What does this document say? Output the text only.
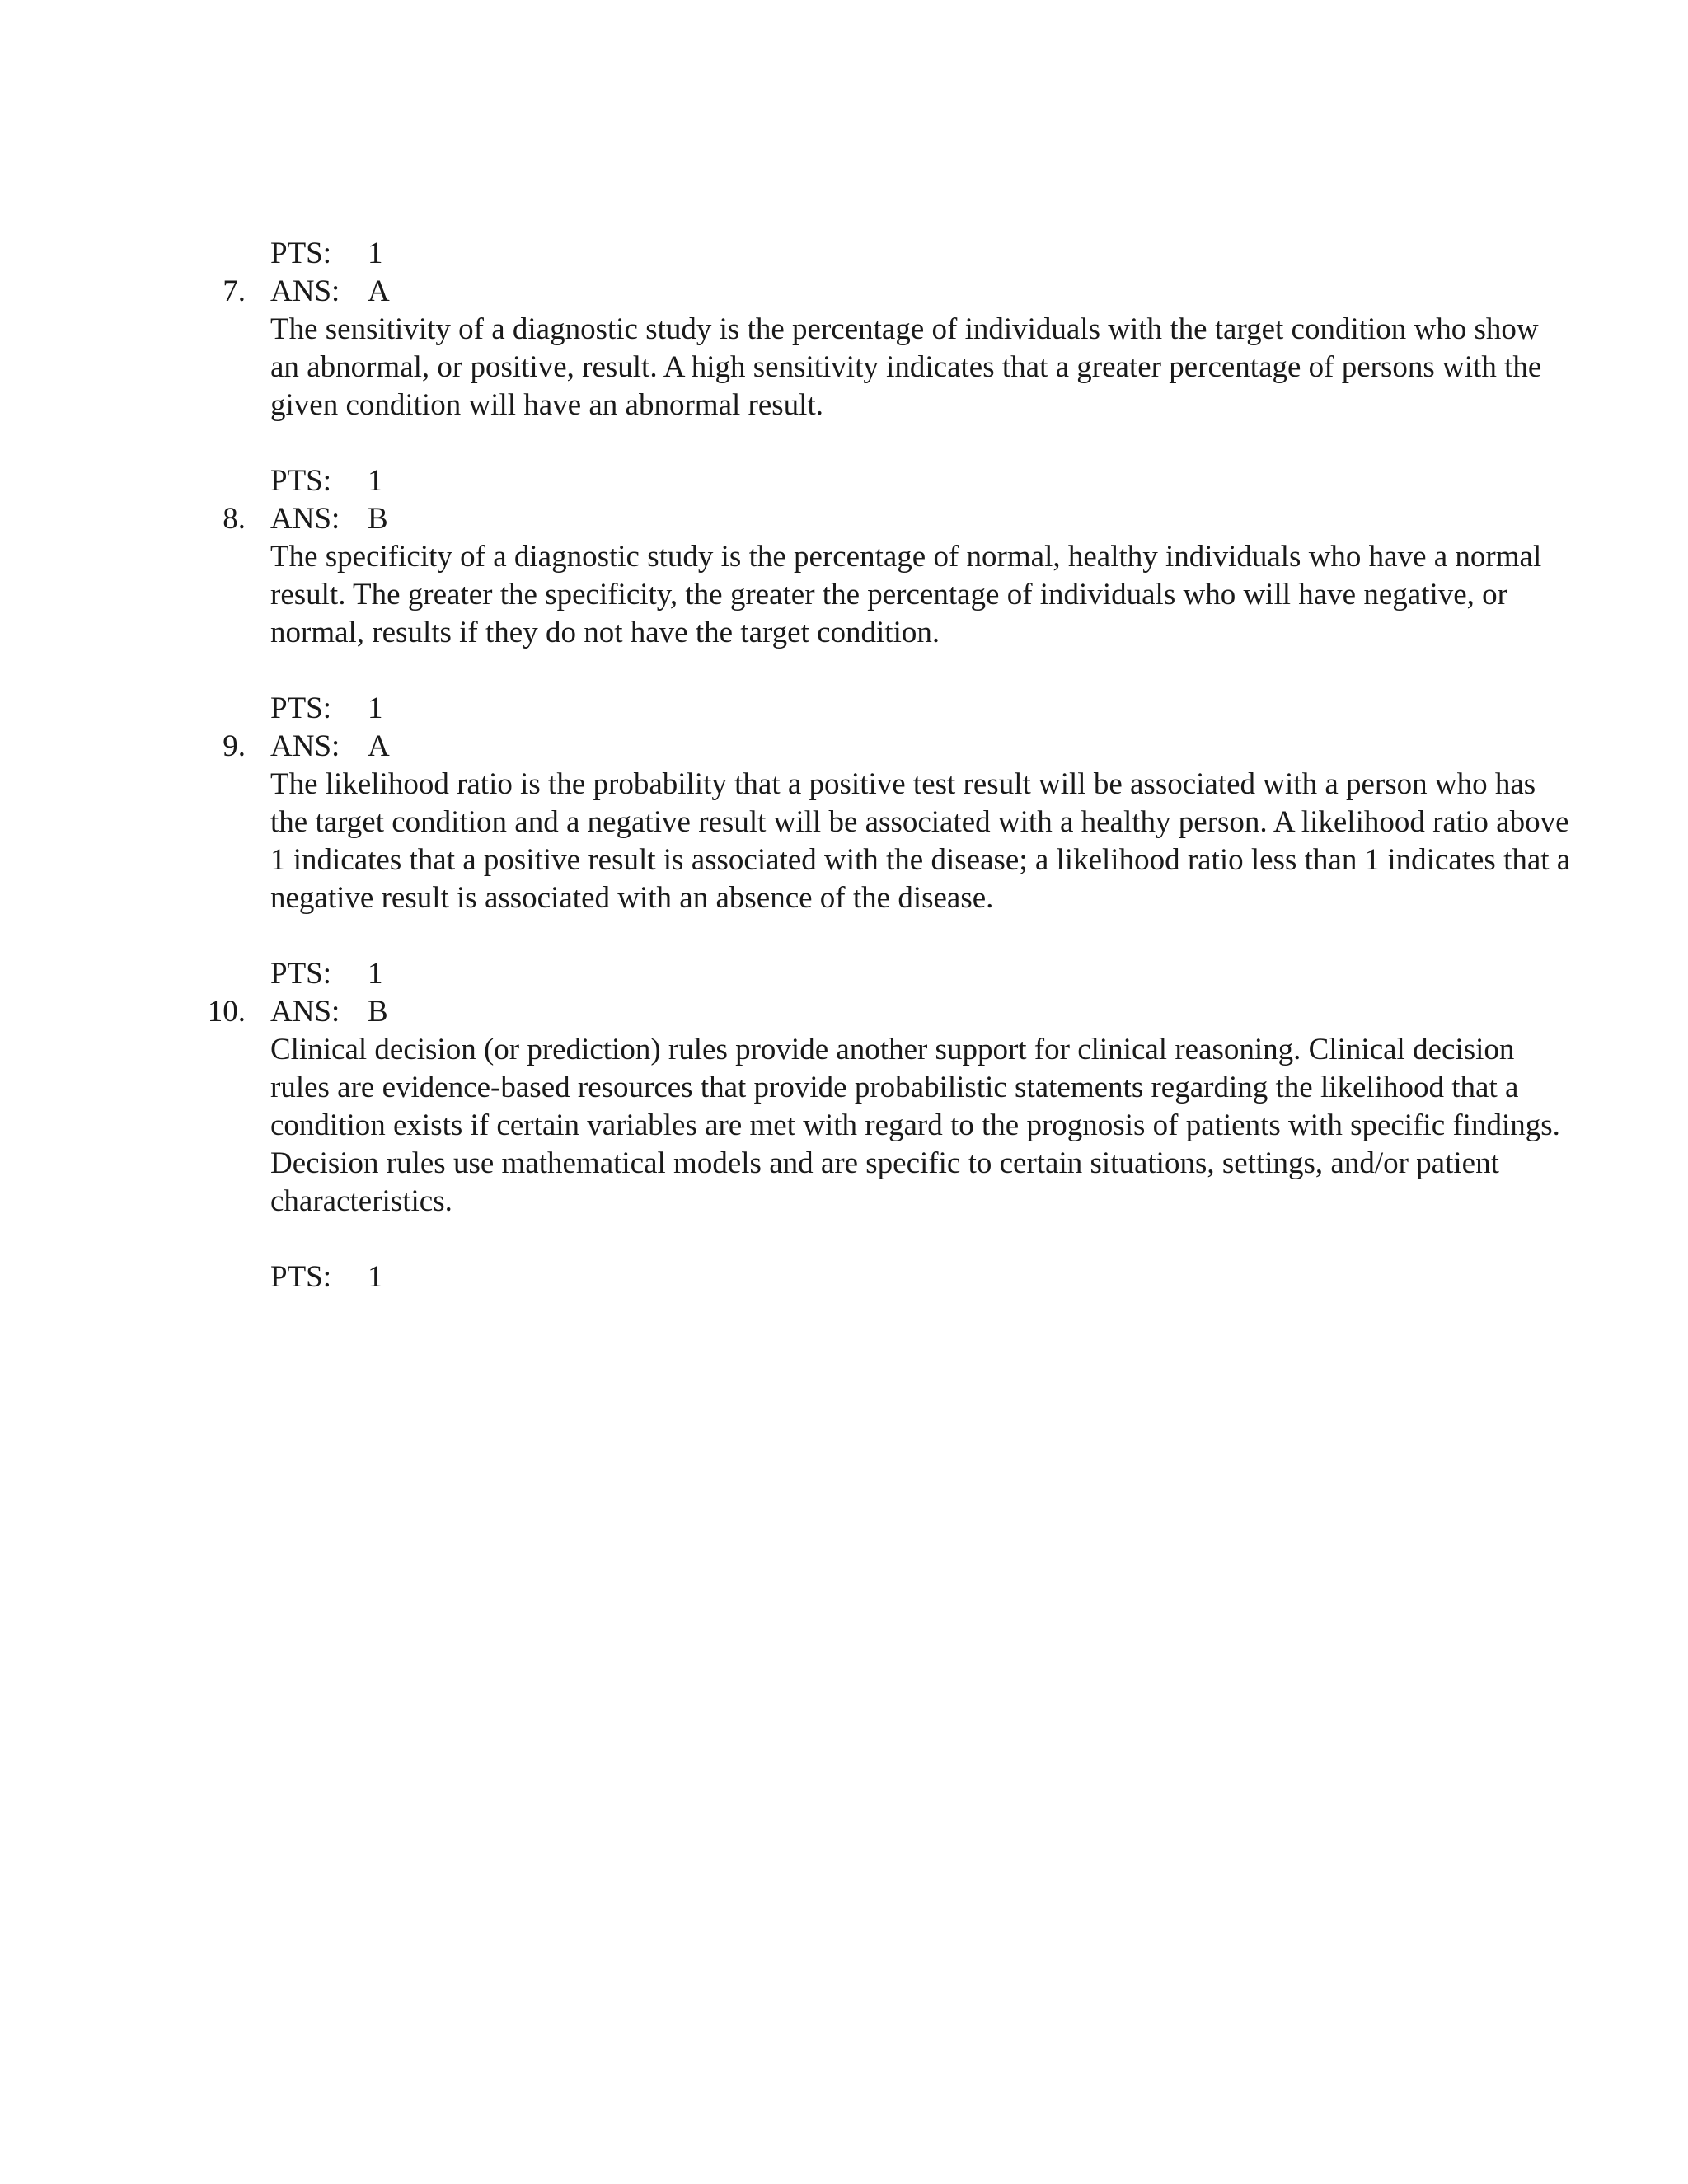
PTS: 1
7. ANS: A

The sensitivity of a diagnostic study is the percentage of individuals with the target condition who show an abnormal, or positive, result. A high sensitivity indicates that a greater percentage of persons with the given condition will have an abnormal result.

PTS: 1
8. ANS: B

The specificity of a diagnostic study is the percentage of normal, healthy individuals who have a normal result. The greater the specificity, the greater the percentage of individuals who will have negative, or normal, results if they do not have the target condition.

PTS: 1
9. ANS: A

The likelihood ratio is the probability that a positive test result will be associated with a person who has the target condition and a negative result will be associated with a healthy person. A likelihood ratio above 1 indicates that a positive result is associated with the disease; a likelihood ratio less than 1 indicates that a negative result is associated with an absence of the disease.

PTS: 1
10. ANS: B

Clinical decision (or prediction) rules provide another support for clinical reasoning. Clinical decision rules are evidence-based resources that provide probabilistic statements regarding the likelihood that a condition exists if certain variables are met with regard to the prognosis of patients with specific findings. Decision rules use mathematical models and are specific to certain situations, settings, and/or patient characteristics.

PTS: 1
